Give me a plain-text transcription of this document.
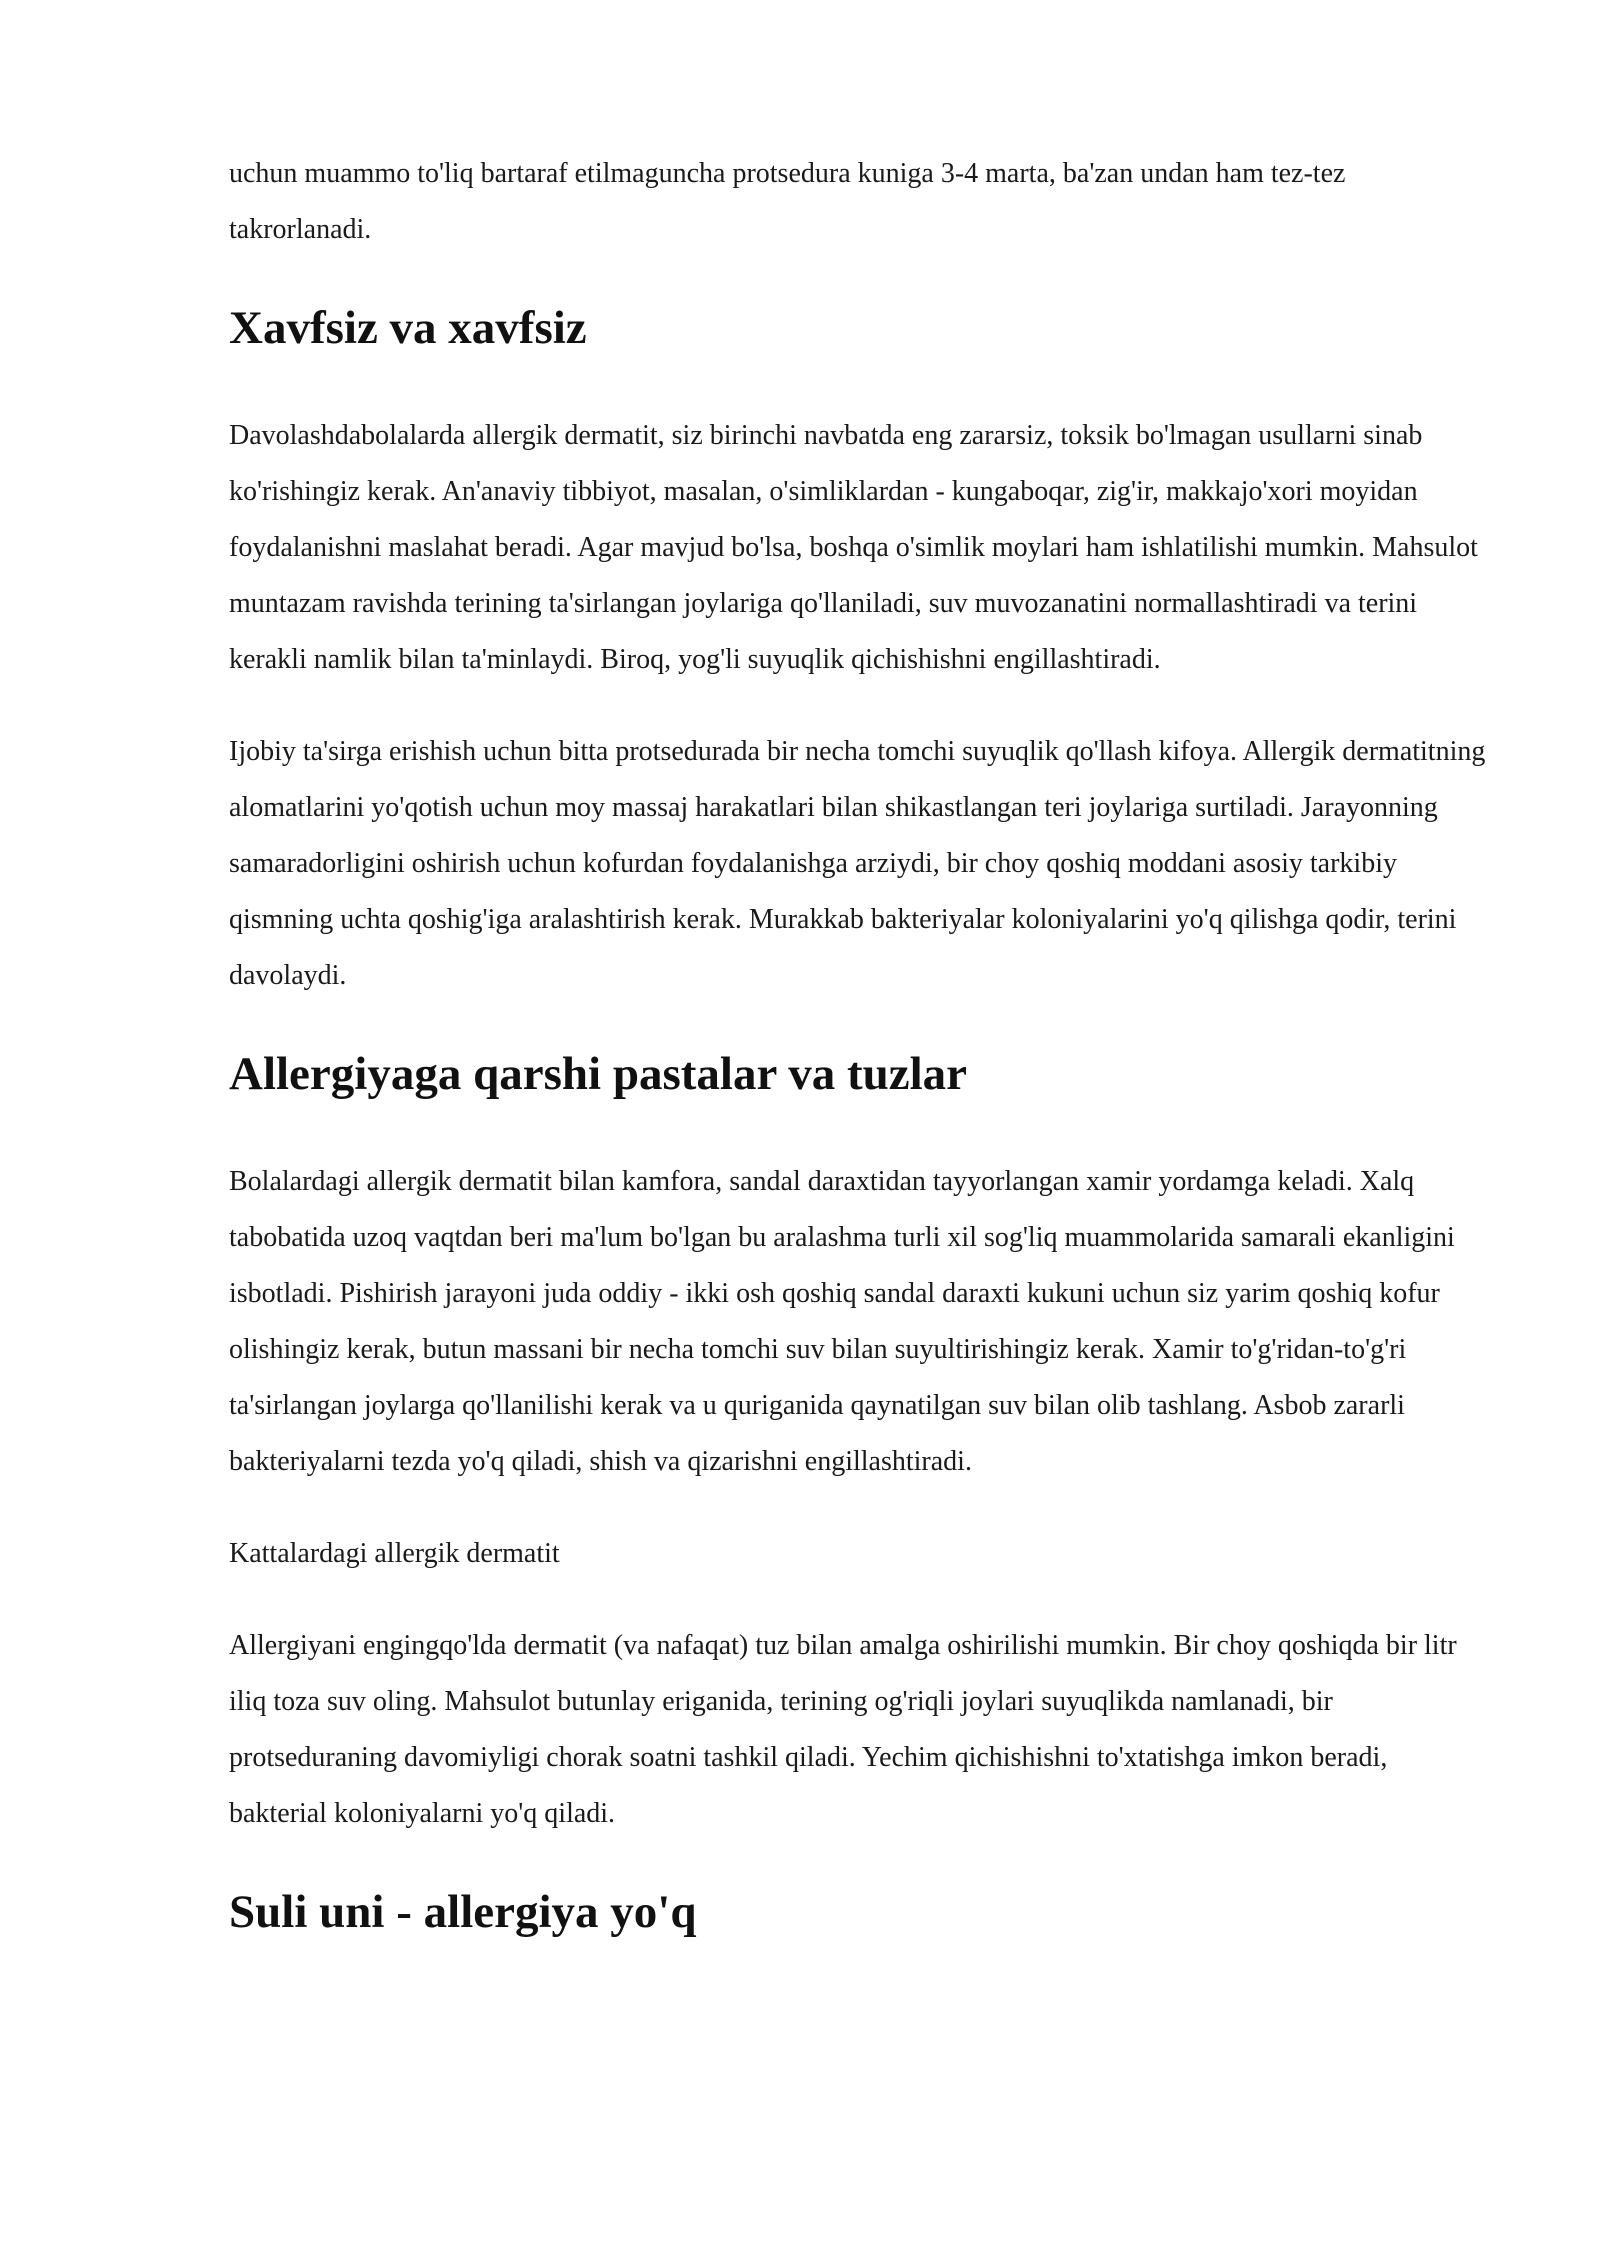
uchun muammo to'liq bartaraf etilmaguncha protsedura kuniga 3-4 marta, ba'zan undan ham tez-tez takrorlanadi.

Xavfsiz va xavfsiz

Davolashdabolalarda allergik dermatit, siz birinchi navbatda eng zararsiz, toksik bo'lmagan usullarni sinab ko'rishingiz kerak. An'anaviy tibbiyot, masalan, o'simliklardan - kungaboqar, zig'ir, makkajo'xori moyidan foydalanishni maslahat beradi. Agar mavjud bo'lsa, boshqa o'simlik moylari ham ishlatilishi mumkin. Mahsulot muntazam ravishda terining ta'sirlangan joylariga qo'llaniladi, suv muvozanatini normallashtiradi va terini kerakli namlik bilan ta'minlaydi. Biroq, yog'li suyuqlik qichishishni engillashtiradi.

Ijobiy ta'sirga erishish uchun bitta protsedurada bir necha tomchi suyuqlik qo'llash kifoya. Allergik dermatitning alomatlarini yo'qotish uchun moy massaj harakatlari bilan shikastlangan teri joylariga surtiladi. Jarayonning samaradorligini oshirish uchun kofurdan foydalanishga arziydi, bir choy qoshiq moddani asosiy tarkibiy qismning uchta qoshig'iga aralashtirish kerak. Murakkab bakteriyalar koloniyalarini yo'q qilishga qodir, terini davolaydi.

Allergiyaga qarshi pastalar va tuzlar

Bolalardagi allergik dermatit bilan kamfora, sandal daraxtidan tayyorlangan xamir yordamga keladi. Xalq tabobatida uzoq vaqtdan beri ma'lum bo'lgan bu aralashma turli xil sog'liq muammolarida samarali ekanligini isbotladi. Pishirish jarayoni juda oddiy - ikki osh qoshiq sandal daraxti kukuni uchun siz yarim qoshiq kofur olishingiz kerak, butun massani bir necha tomchi suv bilan suyultirishingiz kerak. Xamir to'g'ridan-to'g'ri ta'sirlangan joylarga qo'llanilishi kerak va u quriganida qaynatilgan suv bilan olib tashlang. Asbob zararli bakteriyalarni tezda yo'q qiladi, shish va qizarishni engillashtiradi.

Kattalardagi allergik dermatit

Allergiyani engingqo'lda dermatit (va nafaqat) tuz bilan amalga oshirilishi mumkin. Bir choy qoshiqda bir litr iliq toza suv oling. Mahsulot butunlay eriganida, terining og'riqli joylari suyuqlikda namlanadi, bir protseduraning davomiyligi chorak soatni tashkil qiladi. Yechim qichishishni to'xtatishga imkon beradi, bakterial koloniyalarni yo'q qiladi.

Suli uni - allergiya yo'q
